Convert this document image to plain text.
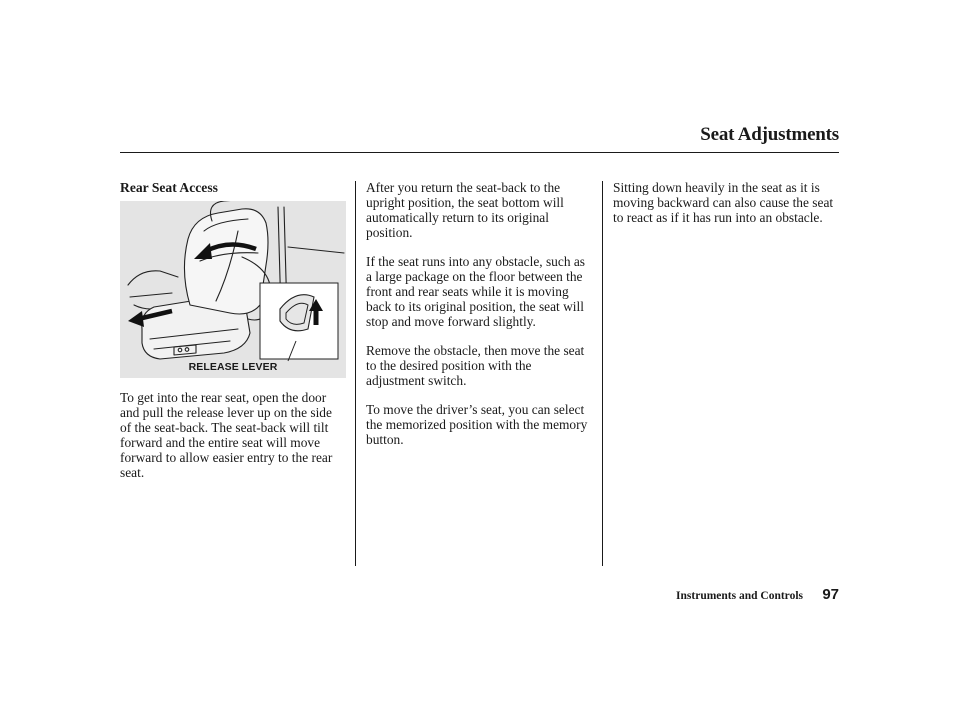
Seat Adjustments
Rear Seat Access
RELEASE LEVER

To get into the rear seat, open the door and pull the release lever up on the side of the seat-back. The seat-back will tilt forward and the entire seat will move forward to allow easier entry to the rear seat.

After you return the seat-back to the upright position, the seat bottom will automatically return to its original position.

If the seat runs into any obstacle, such as a large package on the floor between the front and rear seats while it is moving back to its original position, the seat will stop and move forward slightly.

Remove the obstacle, then move the seat to the desired position with the adjustment switch.

To move the driver’s seat, you can select the memorized position with the memory button.

Sitting down heavily in the seat as it is moving backward can also cause the seat to react as if it has run into an obstacle.

Instruments and Controls 97
